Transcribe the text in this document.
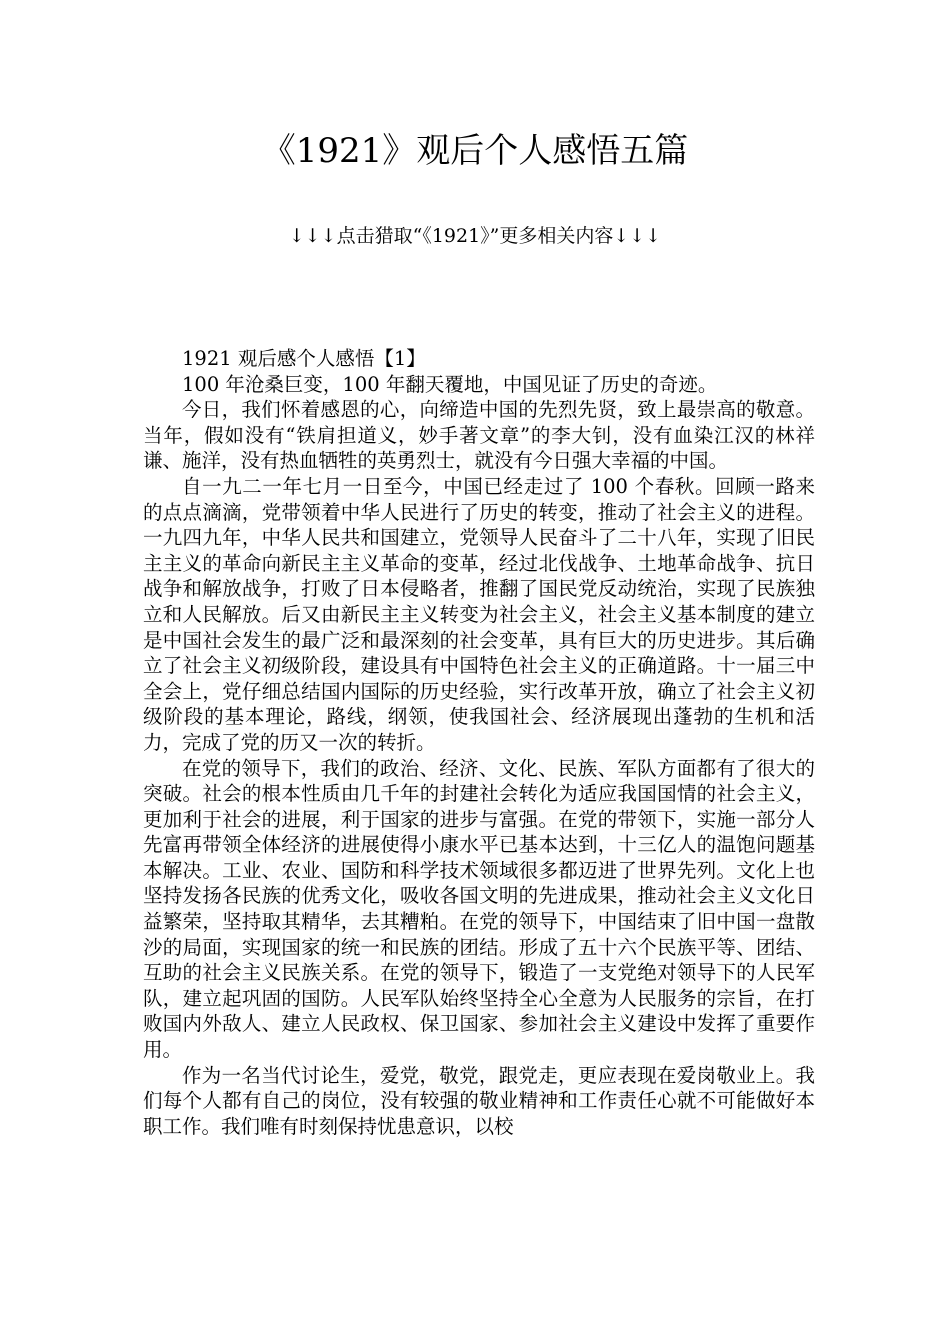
《1921》观后个人感悟五篇
↓↓↓点击猎取“《1921》”更多相关内容↓↓↓

1921 观后感个人感悟【1】

100 年沧桑巨变，100 年翻天覆地，中国见证了历史的奇迹。

今日，我们怀着感恩的心，向缔造中国的先烈先贤，致上最崇高的敬意。当年，假如没有“铁肩担道义，妙手著文章”的李大钊，没有血染江汉的林祥谦、施洋，没有热血牺牲的英勇烈士，就没有今日强大幸福的中国。

自一九二一年七月一日至今，中国已经走过了 100 个春秋。回顾一路来的点点滴滴，党带领着中华人民进行了历史的转变，推动了社会主义的进程。一九四九年，中华人民共和国建立，党领导人民奋斗了二十八年，实现了旧民主主义的革命向新民主主义革命的变革，经过北伐战争、土地革命战争、抗日战争和解放战争，打败了日本侵略者，推翻了国民党反动统治，实现了民族独立和人民解放。后又由新民主主义转变为社会主义，社会主义基本制度的建立是中国社会发生的最广泛和最深刻的社会变革，具有巨大的历史进步。其后确立了社会主义初级阶段，建设具有中国特色社会主义的正确道路。十一届三中全会上，党仔细总结国内国际的历史经验，实行改革开放，确立了社会主义初级阶段的基本理论，路线，纲领，使我国社会、经济展现出蓬勃的生机和活力，完成了党的历又一次的转折。

在党的领导下，我们的政治、经济、文化、民族、军队方面都有了很大的突破。社会的根本性质由几千年的封建社会转化为适应我国国情的社会主义，更加利于社会的进展，利于国家的进步与富强。在党的带领下，实施一部分人先富再带领全体经济的进展使得小康水平已基本达到，十三亿人的温饱问题基本解决。工业、农业、国防和科学技术领域很多都迈进了世界先列。文化上也坚持发扬各民族的优秀文化，吸收各国文明的先进成果，推动社会主义文化日益繁荣，坚持取其精华，去其糟粕。在党的领导下，中国结束了旧中国一盘散沙的局面，实现国家的统一和民族的团结。形成了五十六个民族平等、团结、互助的社会主义民族关系。在党的领导下，锻造了一支党绝对领导下的人民军队，建立起巩固的国防。人民军队始终坚持全心全意为人民服务的宗旨，在打败国内外敌人、建立人民政权、保卫国家、参加社会主义建设中发挥了重要作用。

作为一名当代讨论生，爱党，敬党，跟党走，更应表现在爱岗敬业上。我们每个人都有自己的岗位，没有较强的敬业精神和工作责任心就不可能做好本职工作。我们唯有时刻保持忧患意识，以校
